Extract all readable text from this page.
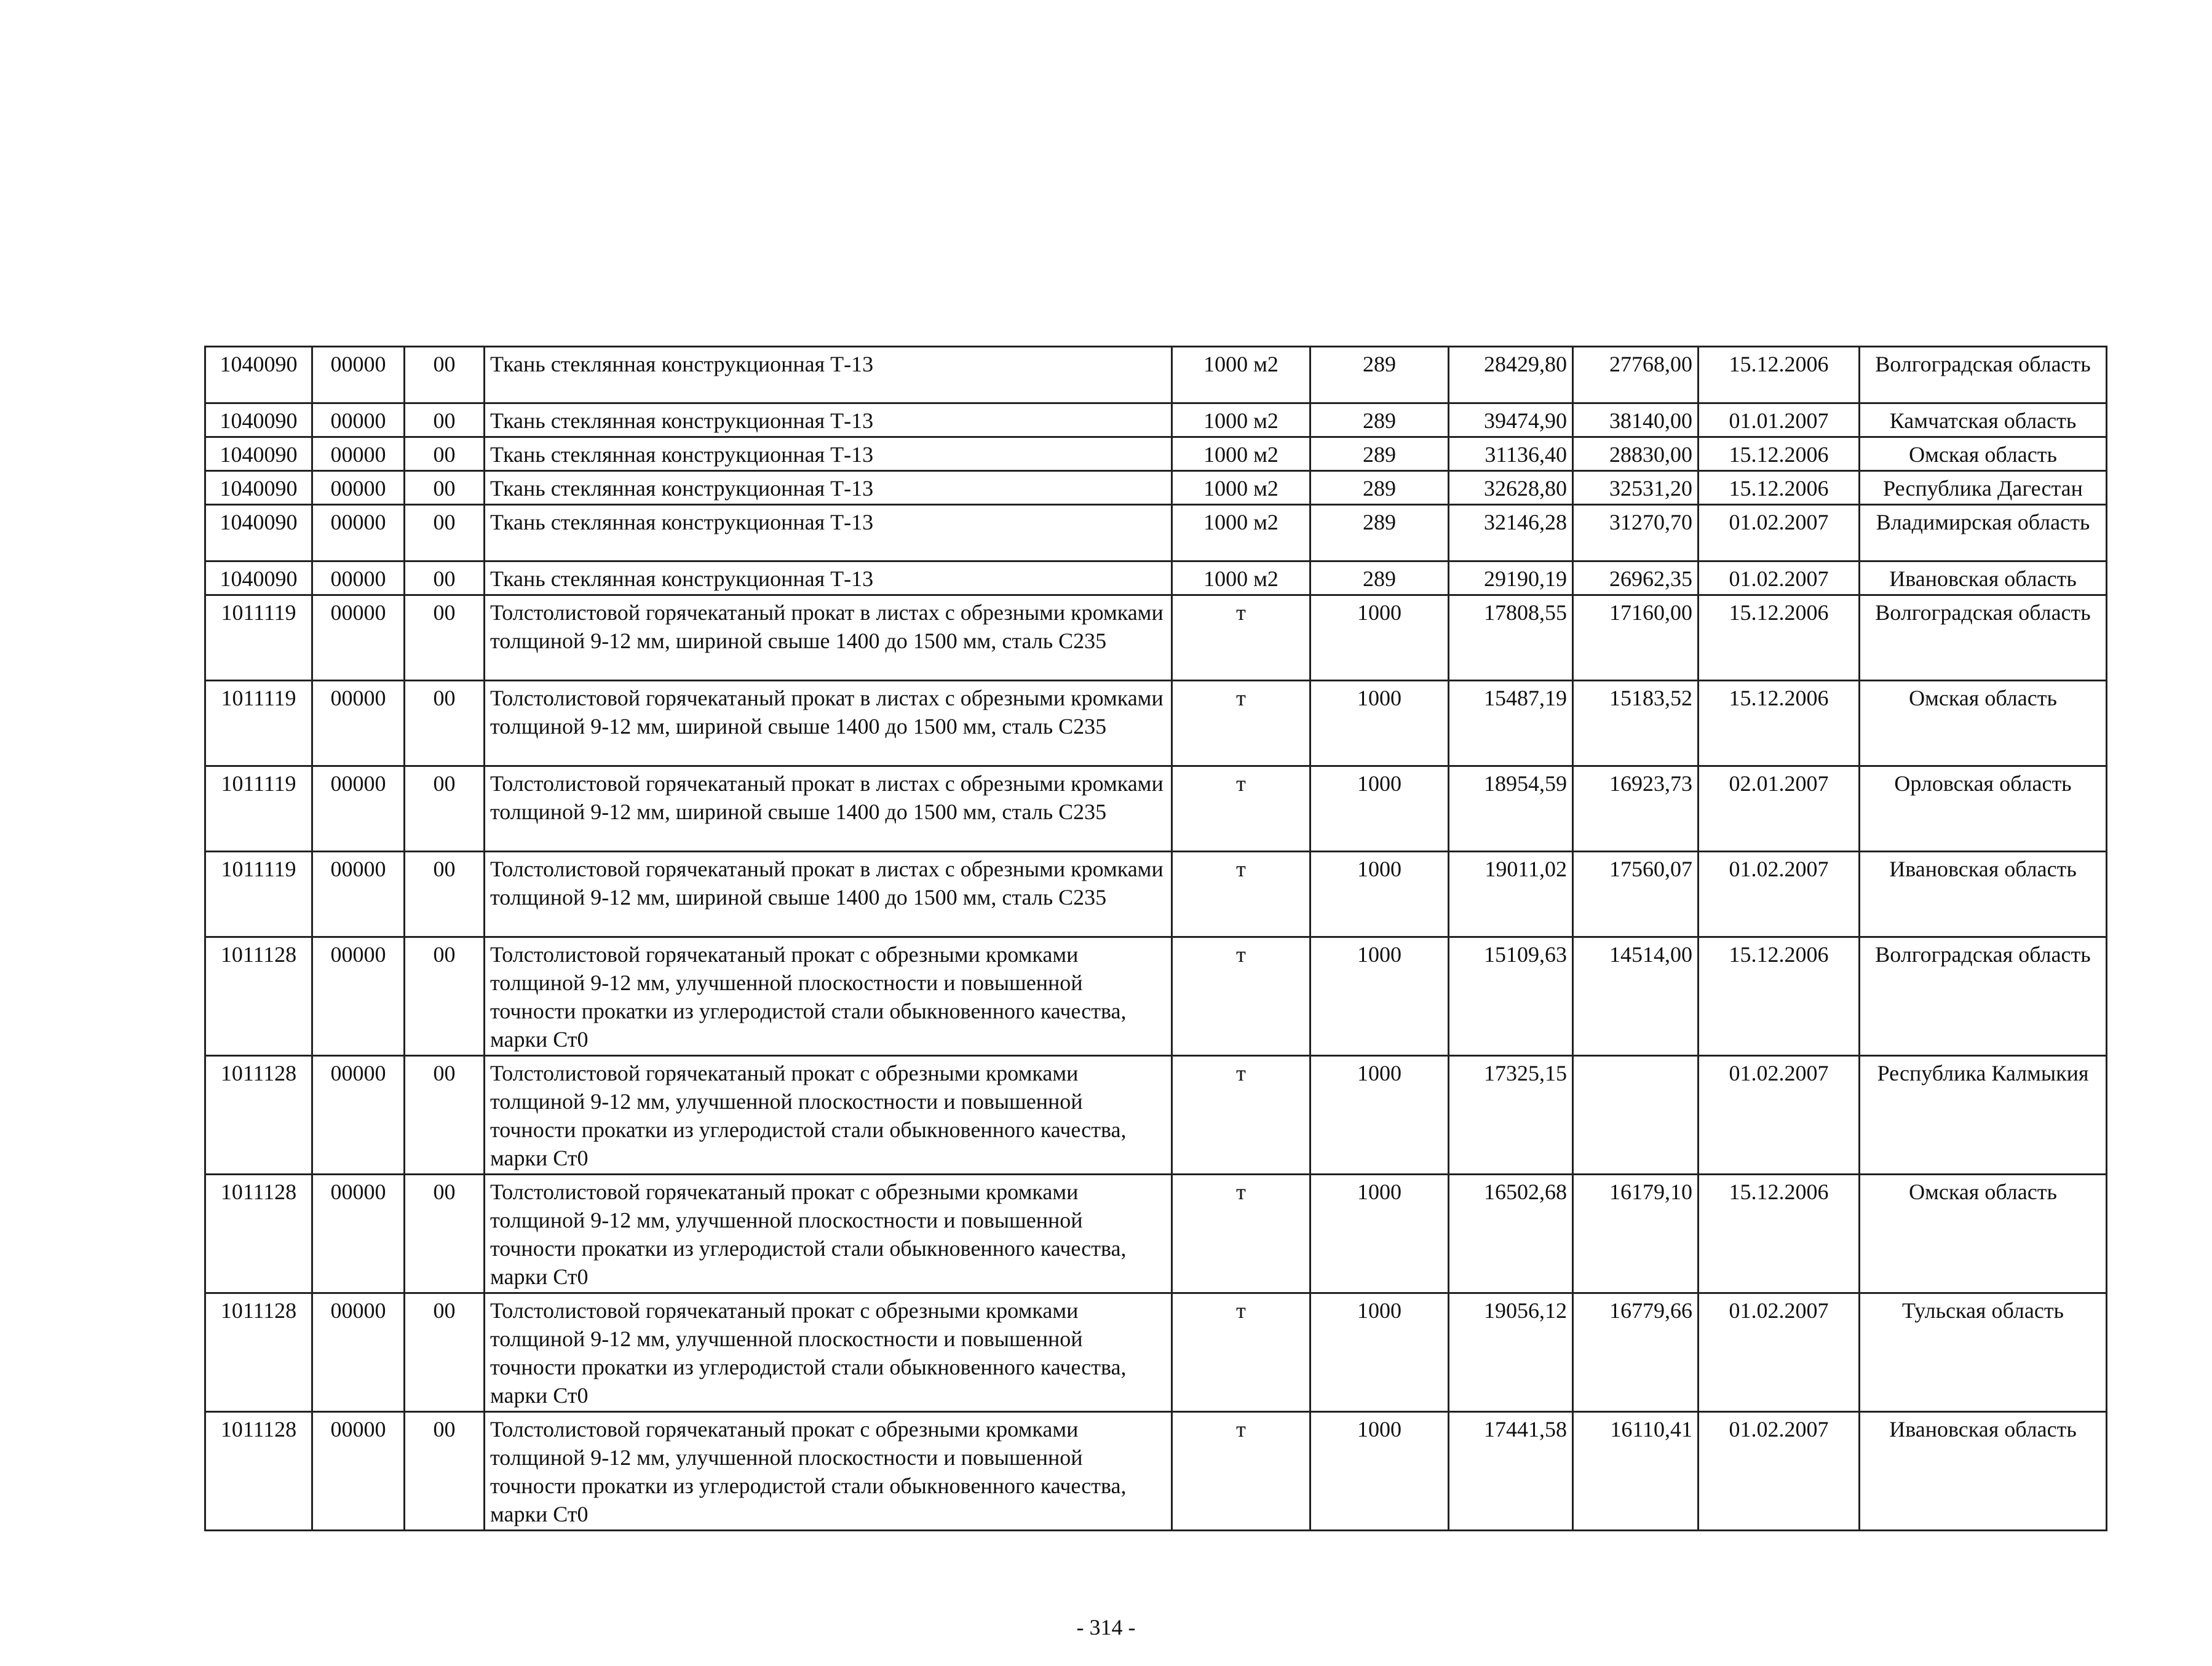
1040090	00000	00	Ткань стеклянная конструкционная Т-13	1000 м2	289	28429,80	27768,00	15.12.2006	Волгоградская область
1040090	00000	00	Ткань стеклянная конструкционная Т-13	1000 м2	289	39474,90	38140,00	01.01.2007	Камчатская область
1040090	00000	00	Ткань стеклянная конструкционная Т-13	1000 м2	289	31136,40	28830,00	15.12.2006	Омская область
1040090	00000	00	Ткань стеклянная конструкционная Т-13	1000 м2	289	32628,80	32531,20	15.12.2006	Республика Дагестан
1040090	00000	00	Ткань стеклянная конструкционная Т-13	1000 м2	289	32146,28	31270,70	01.02.2007	Владимирская область
1040090	00000	00	Ткань стеклянная конструкционная Т-13	1000 м2	289	29190,19	26962,35	01.02.2007	Ивановская область
1011119	00000	00	Толстолистовой горячекатаный прокат в листах с обрезными кромками толщиной 9-12 мм, шириной свыше 1400 до 1500 мм, сталь С235	т	1000	17808,55	17160,00	15.12.2006	Волгоградская область
1011119	00000	00	Толстолистовой горячекатаный прокат в листах с обрезными кромками толщиной 9-12 мм, шириной свыше 1400 до 1500 мм, сталь С235	т	1000	15487,19	15183,52	15.12.2006	Омская область
1011119	00000	00	Толстолистовой горячекатаный прокат в листах с обрезными кромками толщиной 9-12 мм, шириной свыше 1400 до 1500 мм, сталь С235	т	1000	18954,59	16923,73	02.01.2007	Орловская область
1011119	00000	00	Толстолистовой горячекатаный прокат в листах с обрезными кромками толщиной 9-12 мм, шириной свыше 1400 до 1500 мм, сталь С235	т	1000	19011,02	17560,07	01.02.2007	Ивановская область
1011128	00000	00	Толстолистовой горячекатаный прокат с обрезными кромками толщиной 9-12 мм, улучшенной плоскостности и повышенной точности прокатки из углеродистой стали обыкновенного качества, марки Ст0	т	1000	15109,63	14514,00	15.12.2006	Волгоградская область
1011128	00000	00	Толстолистовой горячекатаный прокат с обрезными кромками толщиной 9-12 мм, улучшенной плоскостности и повышенной точности прокатки из углеродистой стали обыкновенного качества, марки Ст0	т	1000	17325,15		01.02.2007	Республика Калмыкия
1011128	00000	00	Толстолистовой горячекатаный прокат с обрезными кромками толщиной 9-12 мм, улучшенной плоскостности и повышенной точности прокатки из углеродистой стали обыкновенного качества, марки Ст0	т	1000	16502,68	16179,10	15.12.2006	Омская область
1011128	00000	00	Толстолистовой горячекатаный прокат с обрезными кромками толщиной 9-12 мм, улучшенной плоскостности и повышенной точности прокатки из углеродистой стали обыкновенного качества, марки Ст0	т	1000	19056,12	16779,66	01.02.2007	Тульская область
1011128	00000	00	Толстолистовой горячекатаный прокат с обрезными кромками толщиной 9-12 мм, улучшенной плоскостности и повышенной точности прокатки из углеродистой стали обыкновенного качества, марки Ст0	т	1000	17441,58	16110,41	01.02.2007	Ивановская область
- 314 -
